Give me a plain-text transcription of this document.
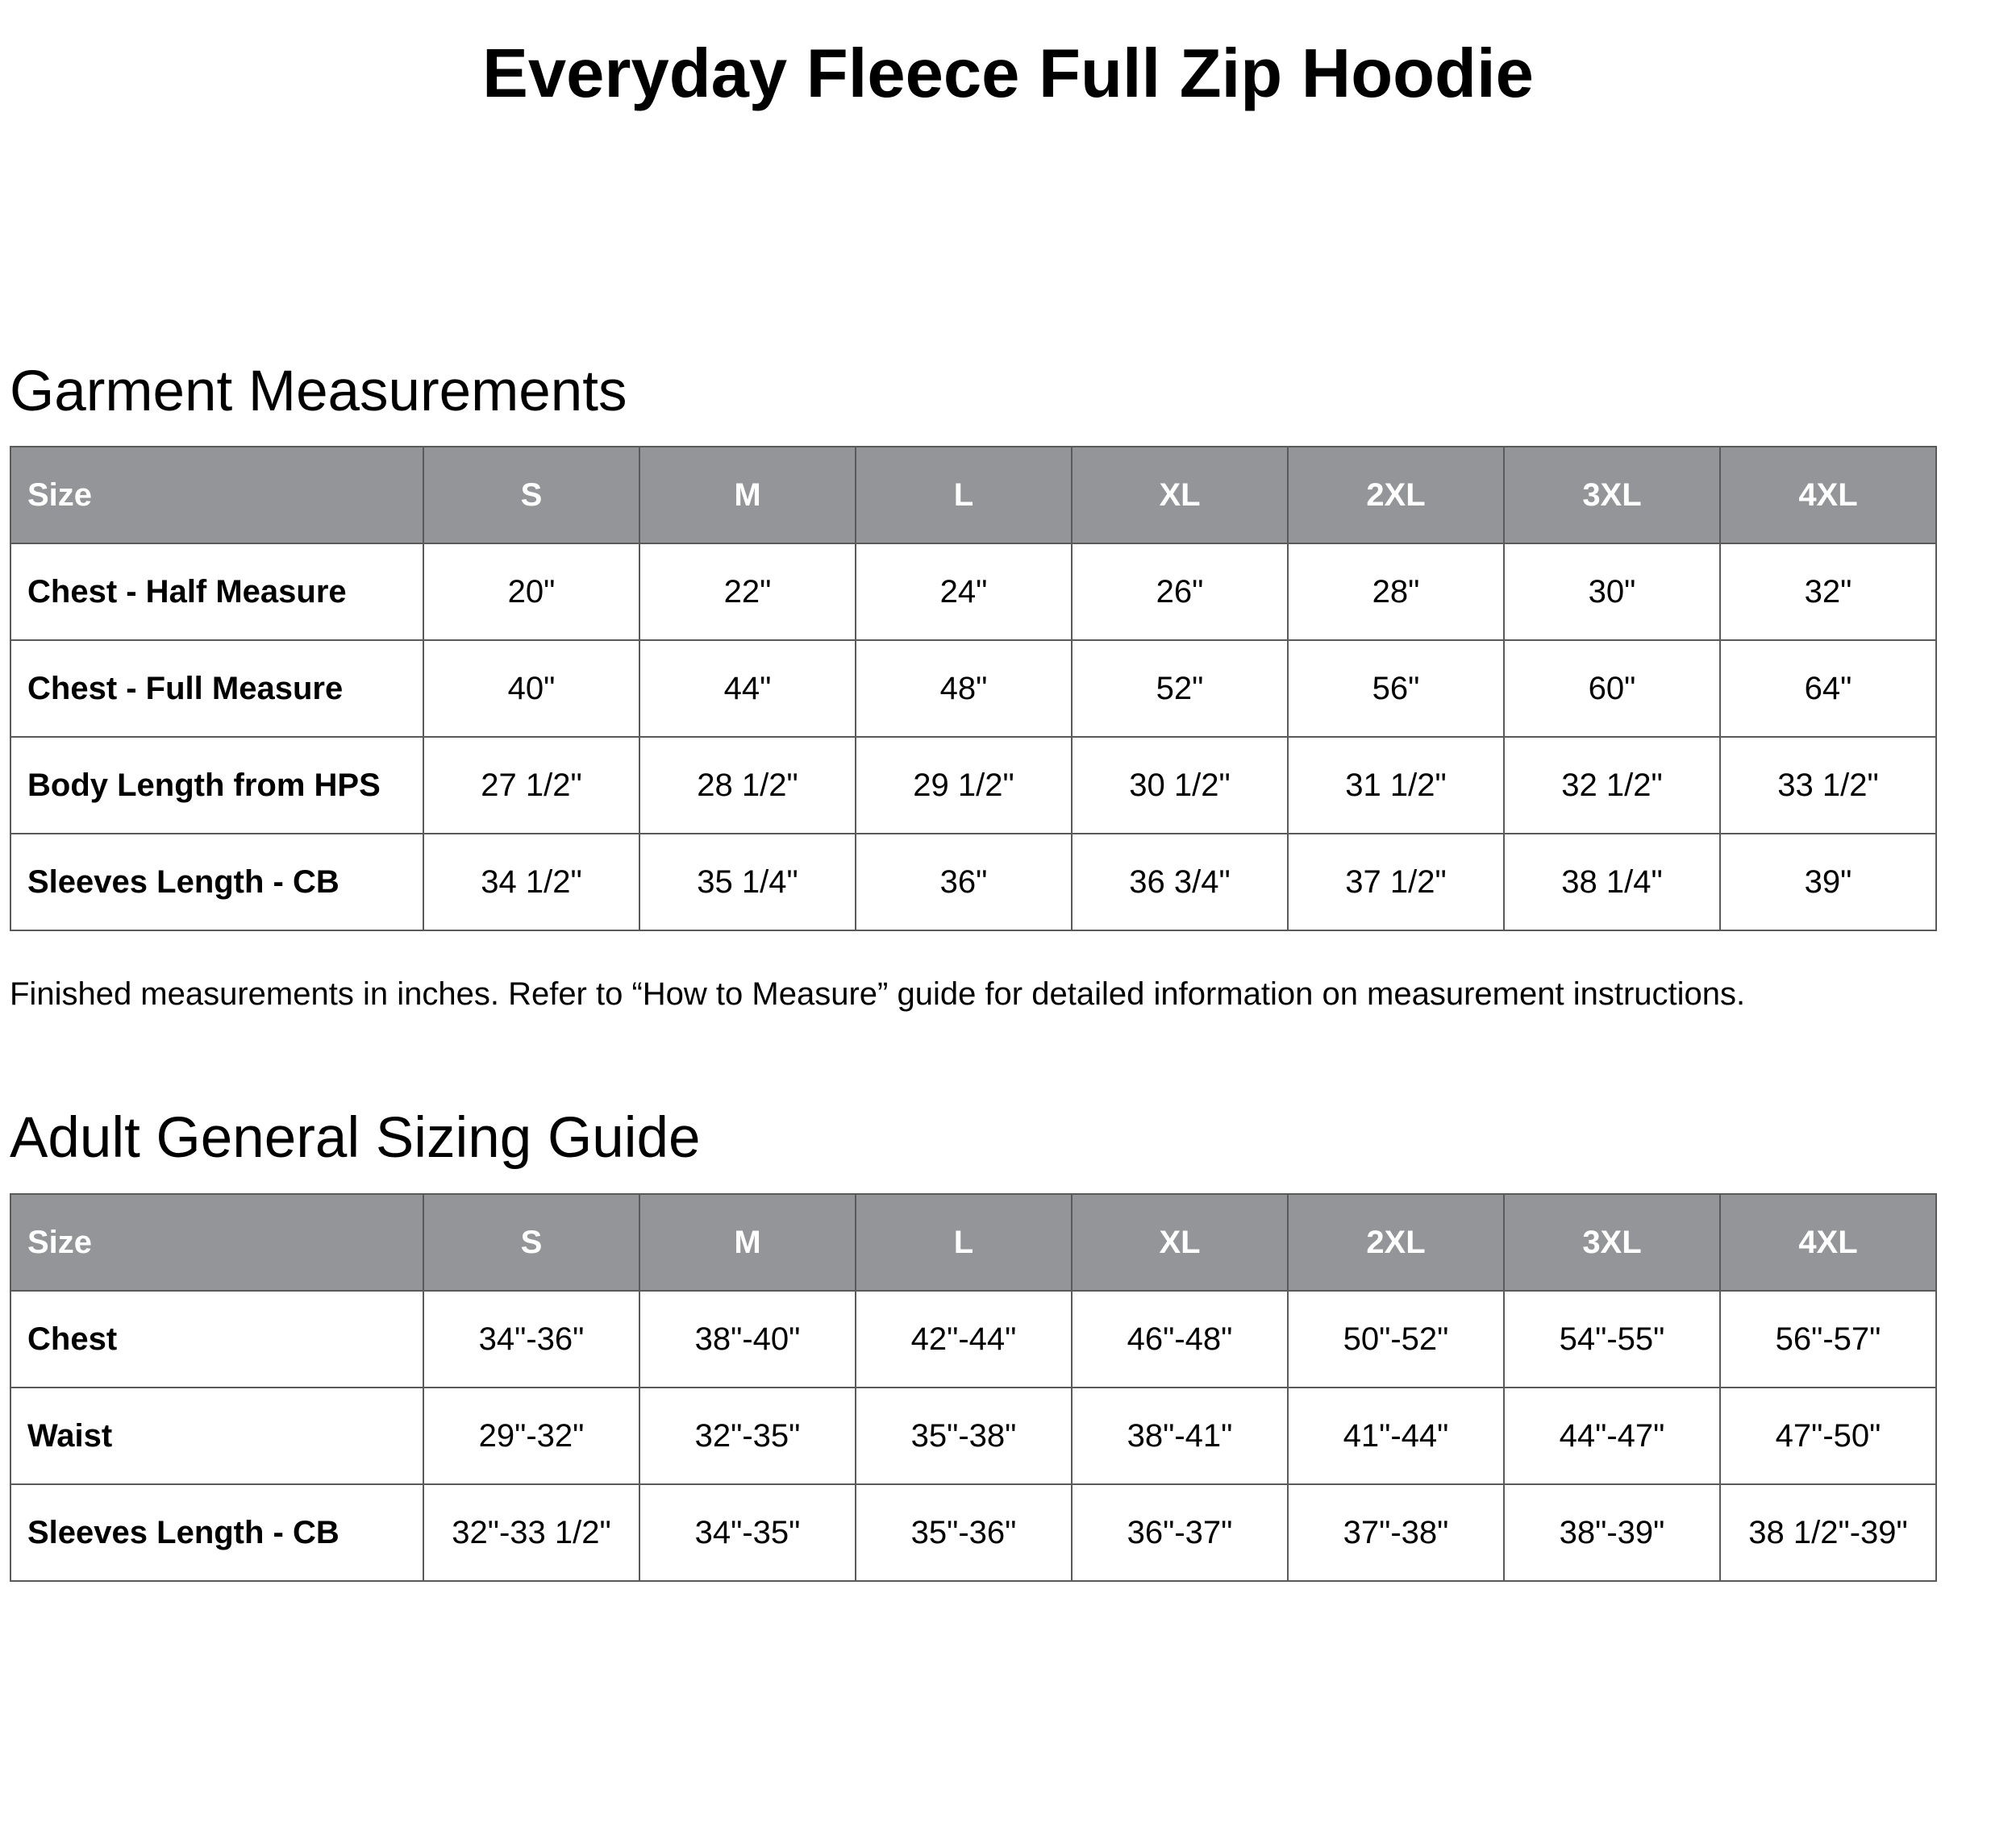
Everyday Fleece Full Zip Hoodie
Garment Measurements
Size	S	M	L	XL	2XL	3XL	4XL
Chest - Half Measure	20"	22"	24"	26"	28"	30"	32"
Chest - Full Measure	40"	44"	48"	52"	56"	60"	64"
Body Length from HPS	27 1/2"	28 1/2"	29 1/2"	30 1/2"	31 1/2"	32 1/2"	33 1/2"
Sleeves Length - CB	34 1/2"	35 1/4"	36"	36 3/4"	37 1/2"	38 1/4"	39"
Finished measurements in inches. Refer to “How to Measure” guide for detailed information on measurement instructions.
Adult General Sizing Guide
Size	S	M	L	XL	2XL	3XL	4XL
Chest	34"-36"	38"-40"	42"-44"	46"-48"	50"-52"	54"-55"	56"-57"
Waist	29"-32"	32"-35"	35"-38"	38"-41"	41"-44"	44"-47"	47"-50"
Sleeves Length - CB	32"-33 1/2"	34"-35"	35"-36"	36"-37"	37"-38"	38"-39"	38 1/2"-39"
